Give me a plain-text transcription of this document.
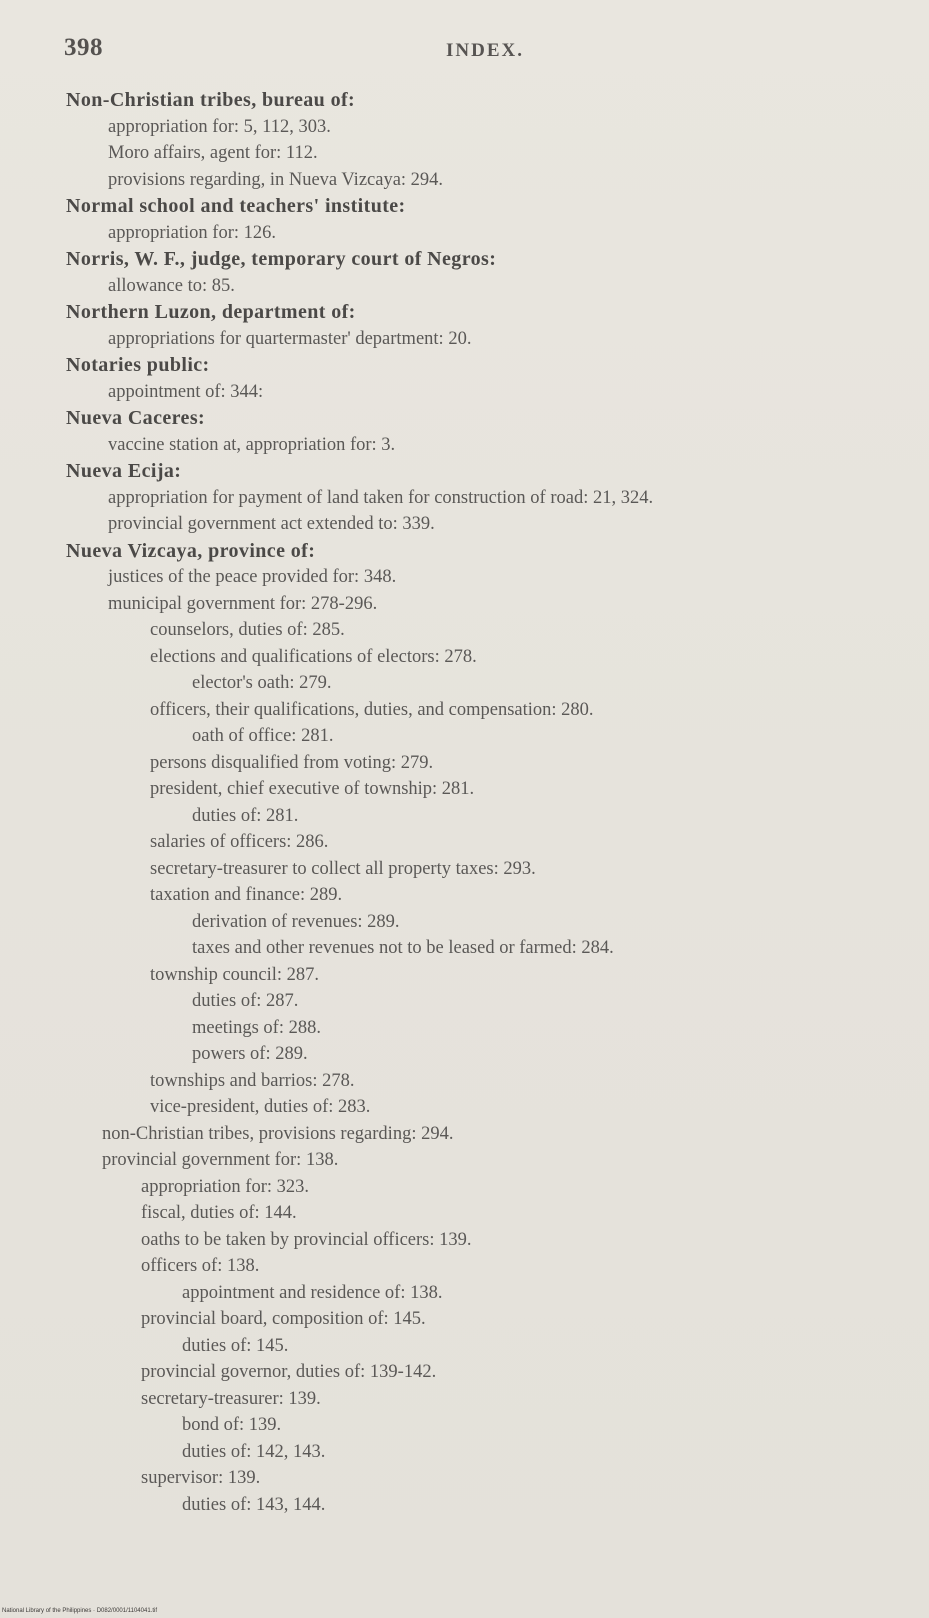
398	INDEX.
Non-Christian tribes, bureau of:
appropriation for: 5, 112, 303.
Moro affairs, agent for: 112.
provisions regarding, in Nueva Vizcaya: 294.
Normal school and teachers' institute:
appropriation for: 126.
Norris, W. F., judge, temporary court of Negros:
allowance to: 85.
Northern Luzon, department of:
appropriations for quartermaster' department: 20.
Notaries public:
appointment of: 344:
Nueva Caceres:
vaccine station at, appropriation for: 3.
Nueva Ecija:
appropriation for payment of land taken for construction of road: 21, 324.
provincial government act extended to: 339.
Nueva Vizcaya, province of:
justices of the peace provided for: 348.
municipal government for: 278-296.
counselors, duties of: 285.
elections and qualifications of electors: 278.
elector's oath: 279.
officers, their qualifications, duties, and compensation: 280.
oath of office: 281.
persons disqualified from voting: 279.
president, chief executive of township: 281.
duties of: 281.
salaries of officers: 286.
secretary-treasurer to collect all property taxes: 293.
taxation and finance: 289.
derivation of revenues: 289.
taxes and other revenues not to be leased or farmed: 284.
township council: 287.
duties of: 287.
meetings of: 288.
powers of: 289.
townships and barrios: 278.
vice-president, duties of: 283.
non-Christian tribes, provisions regarding: 294.
provincial government for: 138.
appropriation for: 323.
fiscal, duties of: 144.
oaths to be taken by provincial officers: 139.
officers of: 138.
appointment and residence of: 138.
provincial board, composition of: 145.
duties of: 145.
provincial governor, duties of: 139-142.
secretary-treasurer: 139.
bond of: 139.
duties of: 142, 143.
supervisor: 139.
duties of: 143, 144.
National Library of the Philippines · D082/0001/1104041.tif
